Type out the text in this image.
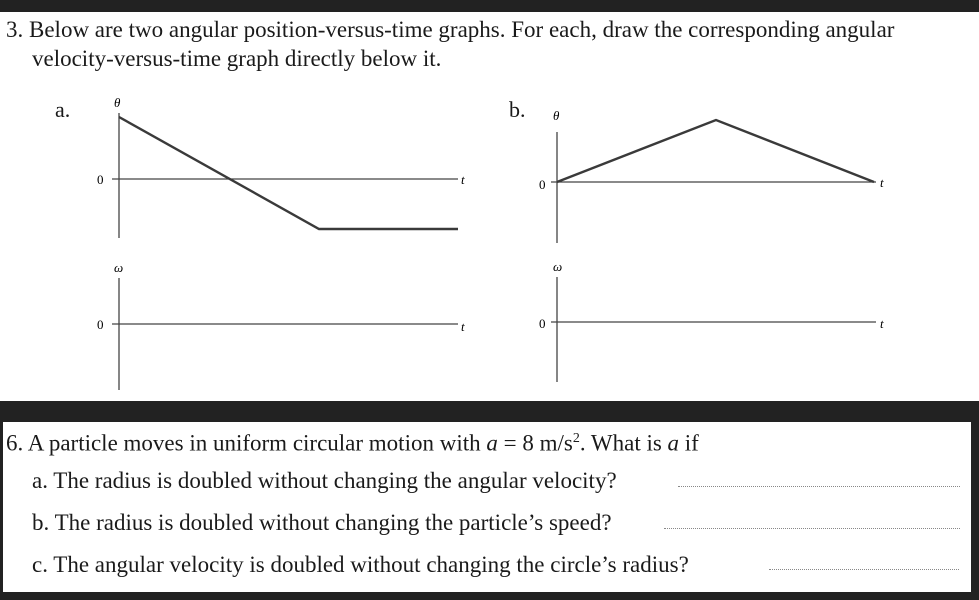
3. Below are two angular position-versus-time graphs. For each, draw the corresponding angular
velocity-versus-time graph directly below it.
a.	b.
θ
0	t
ω
0	t
θ
0	t
ω
0	t
6. A particle moves in uniform circular motion with a = 8 $m/s^2$. What is a if
a. The radius is doubled without changing the angular velocity?
b. The radius is doubled without changing the particle’s speed?
c. The angular velocity is doubled without changing the circle’s radius?
